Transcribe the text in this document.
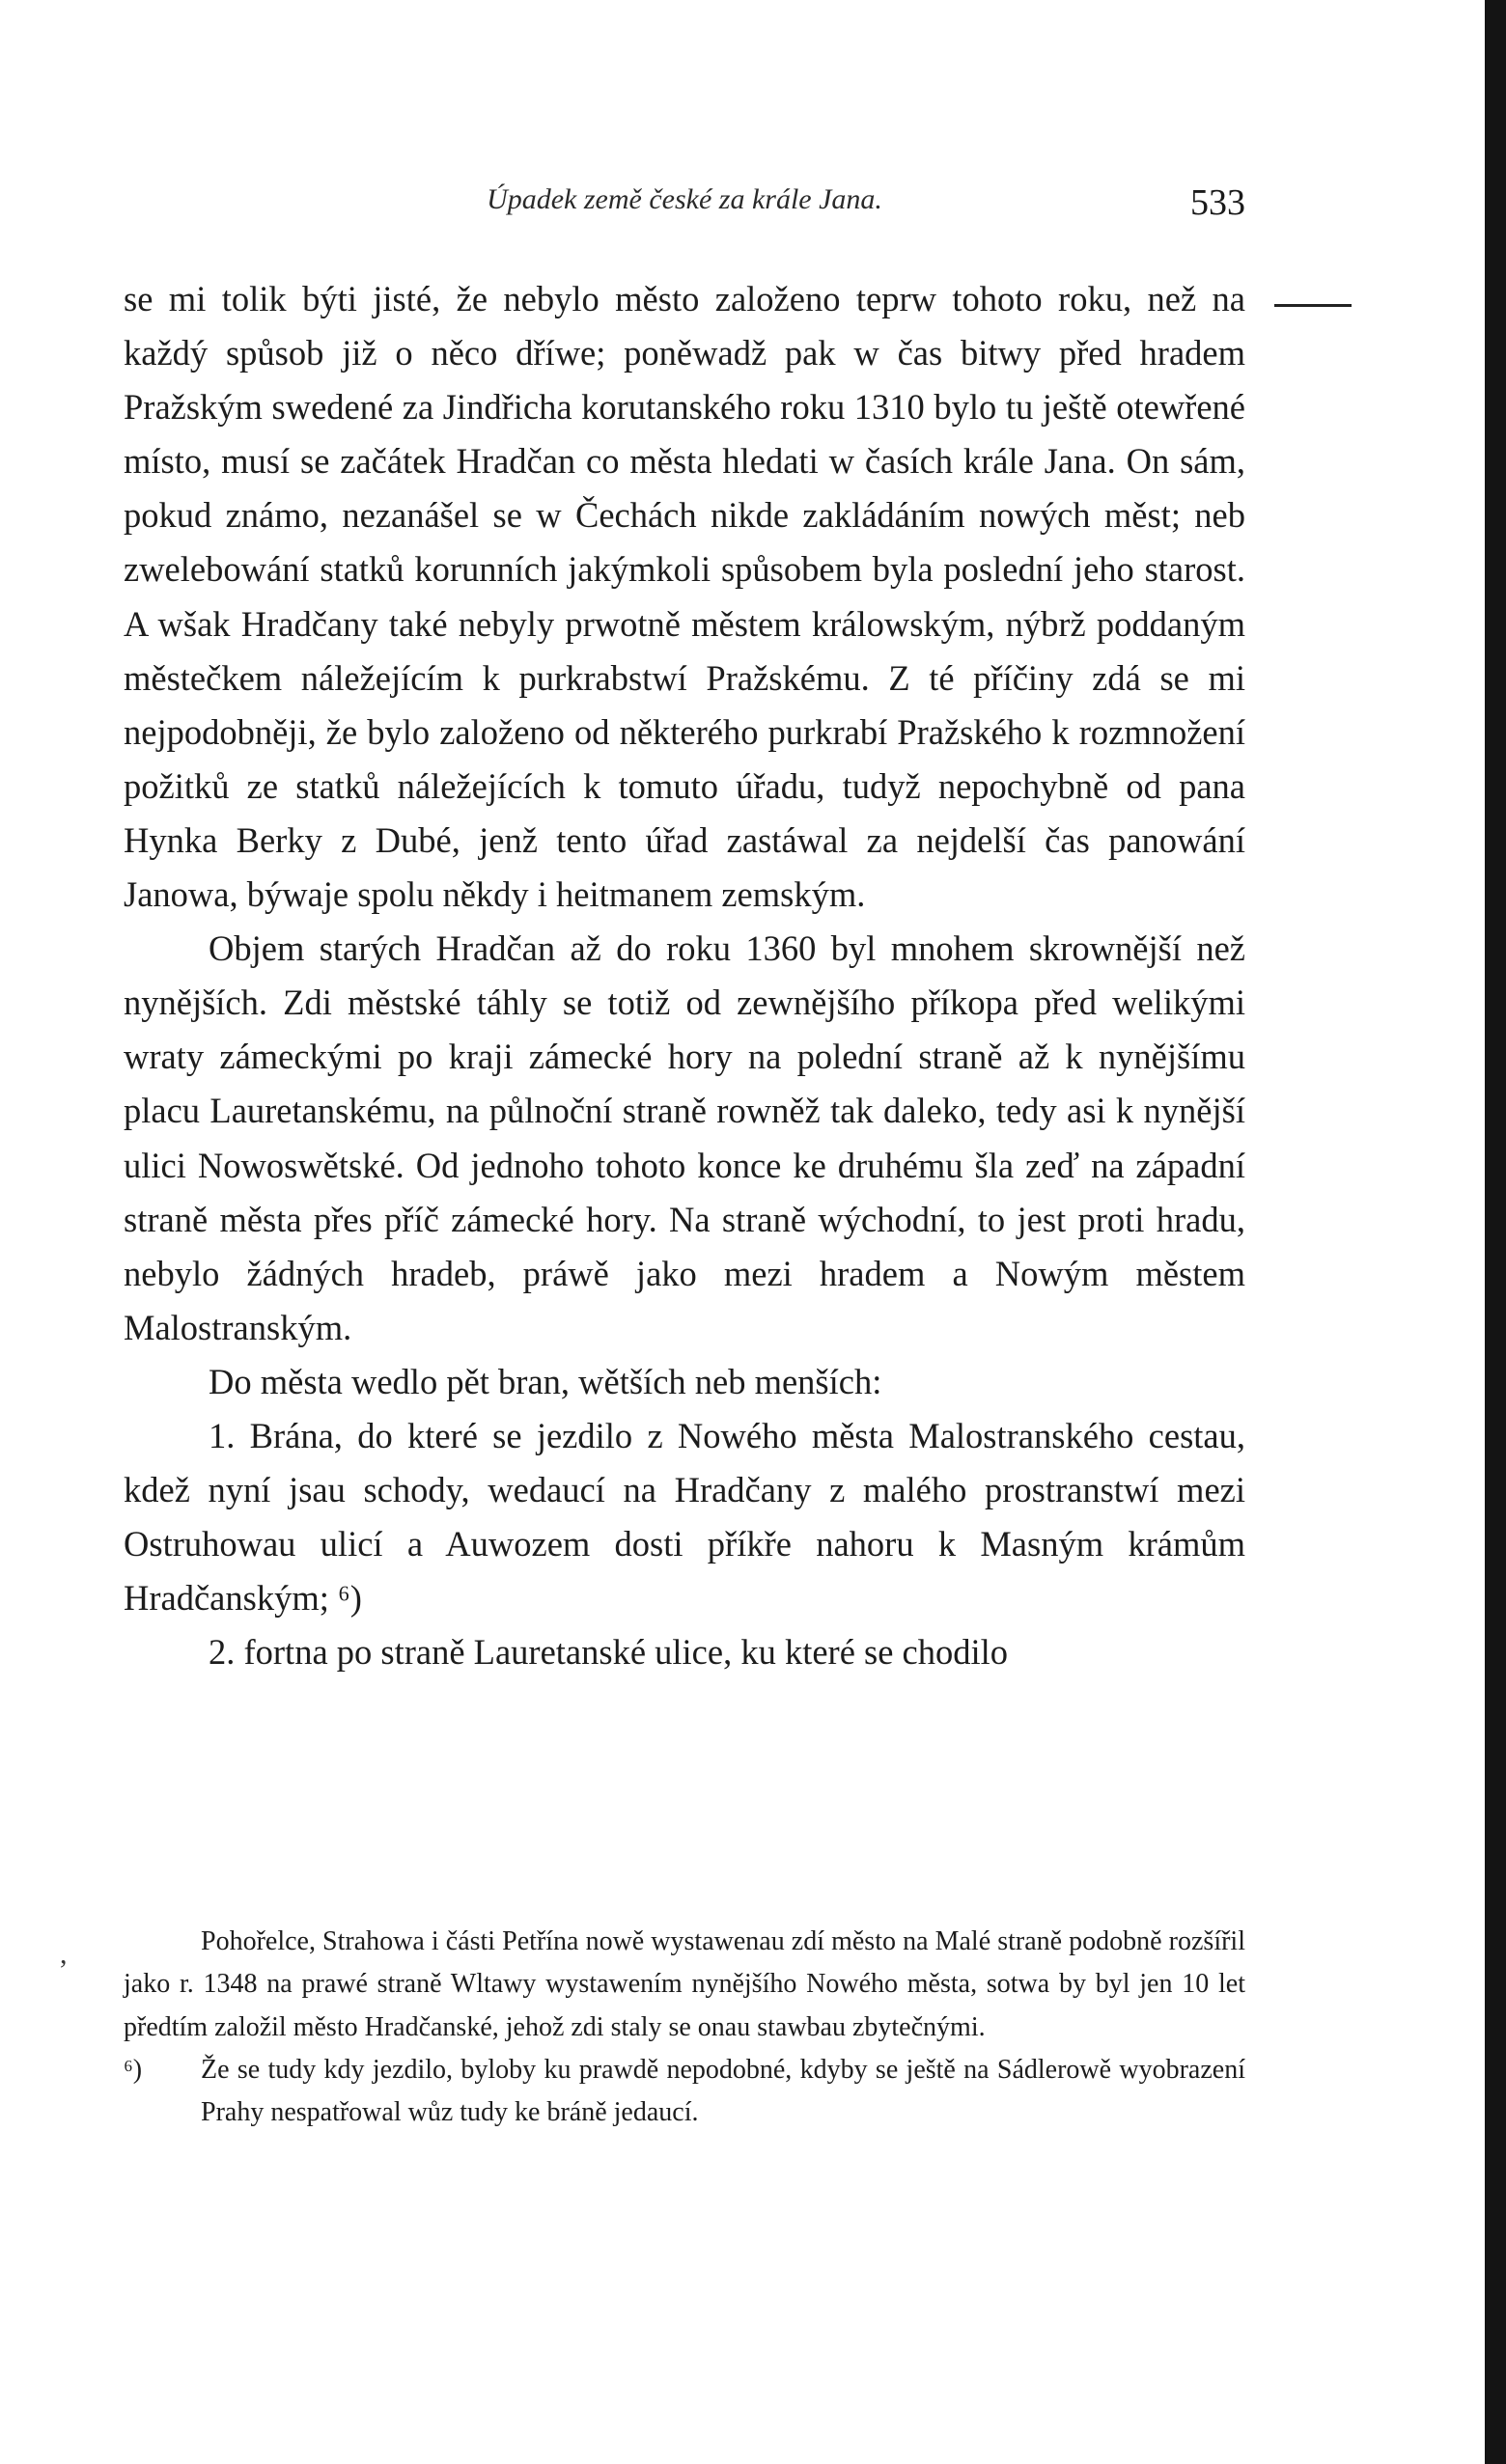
Úpadek země české za krále Jana.	533

se mi tolik býti jisté, že nebylo město založeno teprw tohoto roku, než na každý spůsob již o něco dříwe; poněwadž pak w čas bitwy před hradem Pražským swedené za Jindřicha korutanského roku 1310 bylo tu ještě otewřené místo, musí se začátek Hradčan co města hledati w časích krále Jana. On sám, pokud známo, nezanášel se w Čechách nikde zakládáním nowých měst; neb zwelebowání statků korunních jakýmkoli spůsobem byla poslední jeho starost. A wšak Hradčany také nebyly prwotně městem králowským, nýbrž poddaným městečkem náležejícím k purkrabstwí Pražskému. Z té příčiny zdá se mi nejpodobněji, že bylo založeno od některého purkrabí Pražského k rozmnožení požitků ze statků náležejících k tomuto úřadu, tudyž nepochybně od pana Hynka Berky z Dubé, jenž tento úřad zastáwal za nejdelší čas panowání Janowa, býwaje spolu někdy i heitmanem zemským.

Objem starých Hradčan až do roku 1360 byl mnohem skrownější než nynějších. Zdi městské táhly se totiž od zewnějšího příkopa před welikými wraty zámeckými po kraji zámecké hory na polední straně až k nynějšímu placu Lauretanskému, na půlnoční straně rowněž tak daleko, tedy asi k nynější ulici Nowoswětské. Od jednoho tohoto konce ke druhému šla zeď na západní straně města přes příč zámecké hory. Na straně wýchodní, to jest proti hradu, nebylo žádných hradeb, práwě jako mezi hradem a Nowým městem Malostranským.

Do města wedlo pět bran, wětších neb menších:

1. Brána, do které se jezdilo z Nowého města Malostranského cestau, kdež nyní jsau schody, wedaucí na Hradčany z malého prostranstwí mezi Ostruhowau ulicí a Auwozem dosti příkře nahoru k Masným krámům Hradčanským; ⁶)

2. fortna po straně Lauretanské ulice, ku které se chodilo

,	Pohořelce, Strahowa i části Petřína nowě wystawenau zdí město na Malé straně podobně rozšířil jako r. 1348 na prawé straně Wltawy wystawením nynějšího Nowého města, sotwa by byl jen 10 let předtím založil město Hradčanské, jehož zdi staly se onau stawbau zbytečnými.

⁶) Že se tudy kdy jezdilo, byloby ku prawdě nepodobné, kdyby se ještě na Sádlerowě wyobrazení Prahy nespatřowal wůz tudy ke bráně jedaucí.
